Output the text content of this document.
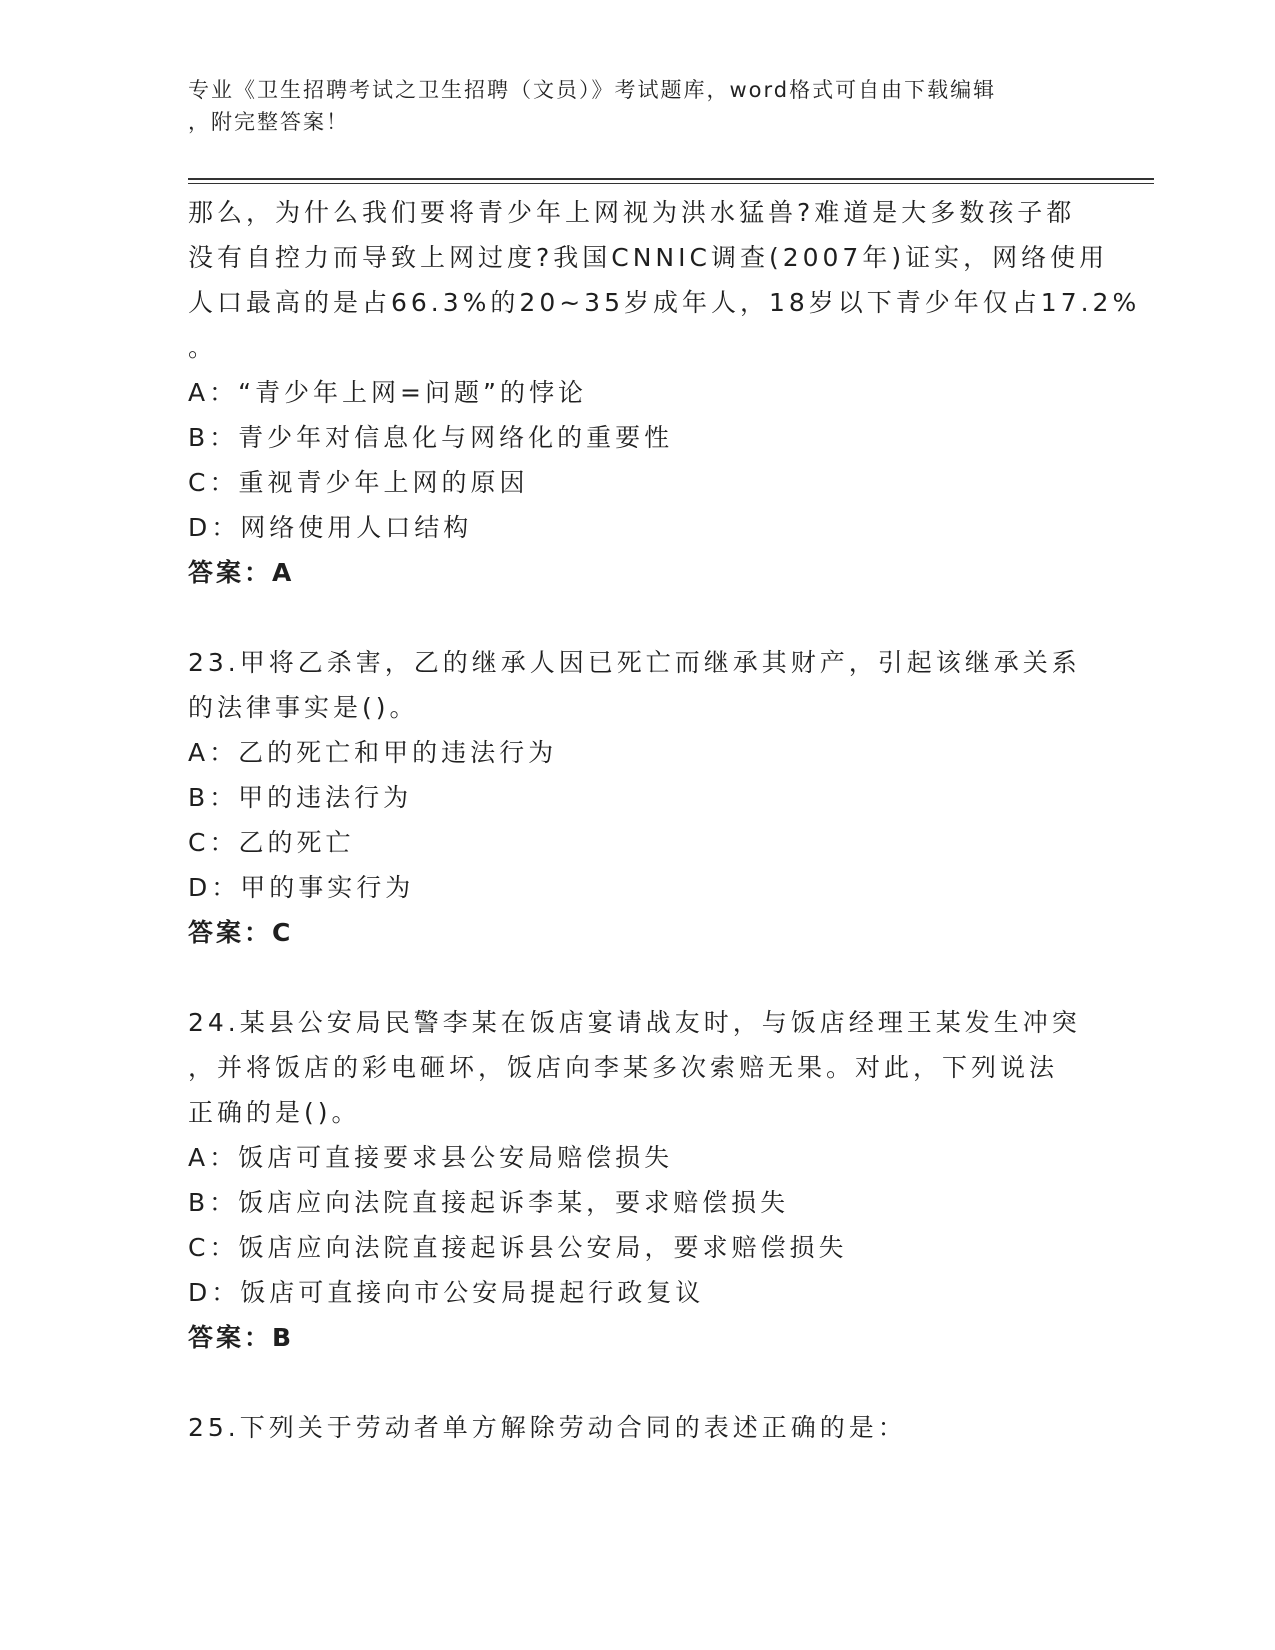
专业《卫生招聘考试之卫生招聘（文员）》考试题库，word格式可自由下载编辑
，附完整答案！
那么，为什么我们要将青少年上网视为洪水猛兽?难道是大多数孩子都
没有自控力而导致上网过度?我国CNNIC调查(2007年)证实，网络使用
人口最高的是占66.3%的20~35岁成年人，18岁以下青少年仅占17.2%
。
A：“青少年上网=问题”的悖论
B：青少年对信息化与网络化的重要性
C：重视青少年上网的原因
D：网络使用人口结构
答案：A
23.甲将乙杀害，乙的继承人因已死亡而继承其财产，引起该继承关系
的法律事实是()。
A：乙的死亡和甲的违法行为
B：甲的违法行为
C：乙的死亡
D：甲的事实行为
答案：C
24.某县公安局民警李某在饭店宴请战友时，与饭店经理王某发生冲突
，并将饭店的彩电砸坏，饭店向李某多次索赔无果。对此，下列说法
正确的是()。
A：饭店可直接要求县公安局赔偿损失
B：饭店应向法院直接起诉李某，要求赔偿损失
C：饭店应向法院直接起诉县公安局，要求赔偿损失
D：饭店可直接向市公安局提起行政复议
答案：B
25.下列关于劳动者单方解除劳动合同的表述正确的是：
